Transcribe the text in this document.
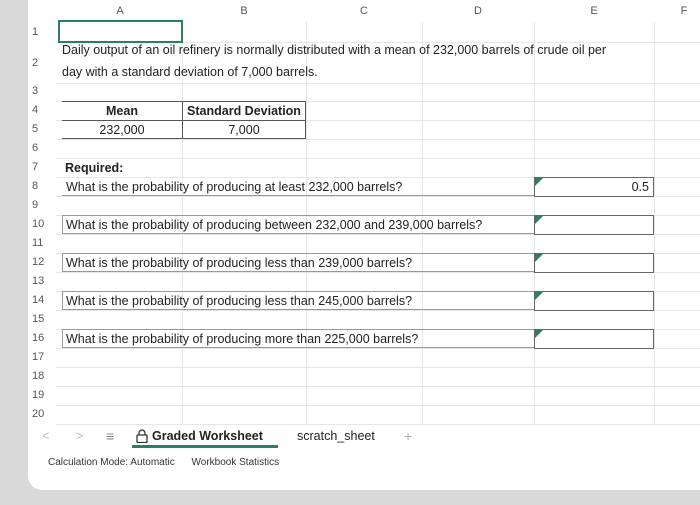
A	B	C	D	E	F
1
2
3
4
5
6
7
8
9
10
11
12
13
14
15
16
17
18
19
20
Daily output of an oil refinery is normally distributed with a mean of 232,000 barrels of crude oil per
day with a standard deviation of 7,000 barrels.
Mean	Standard Deviation
232,000	7,000
Required:
What is the probability of producing at least 232,000 barrels?	0.5
What is the probability of producing between 232,000 and 239,000 barrels?
What is the probability of producing less than 239,000 barrels?
What is the probability of producing less than 245,000 barrels?
What is the probability of producing more than 225,000 barrels?
< > ≡	Graded Worksheet	scratch_sheet +
Calculation Mode: Automatic Workbook Statistics
